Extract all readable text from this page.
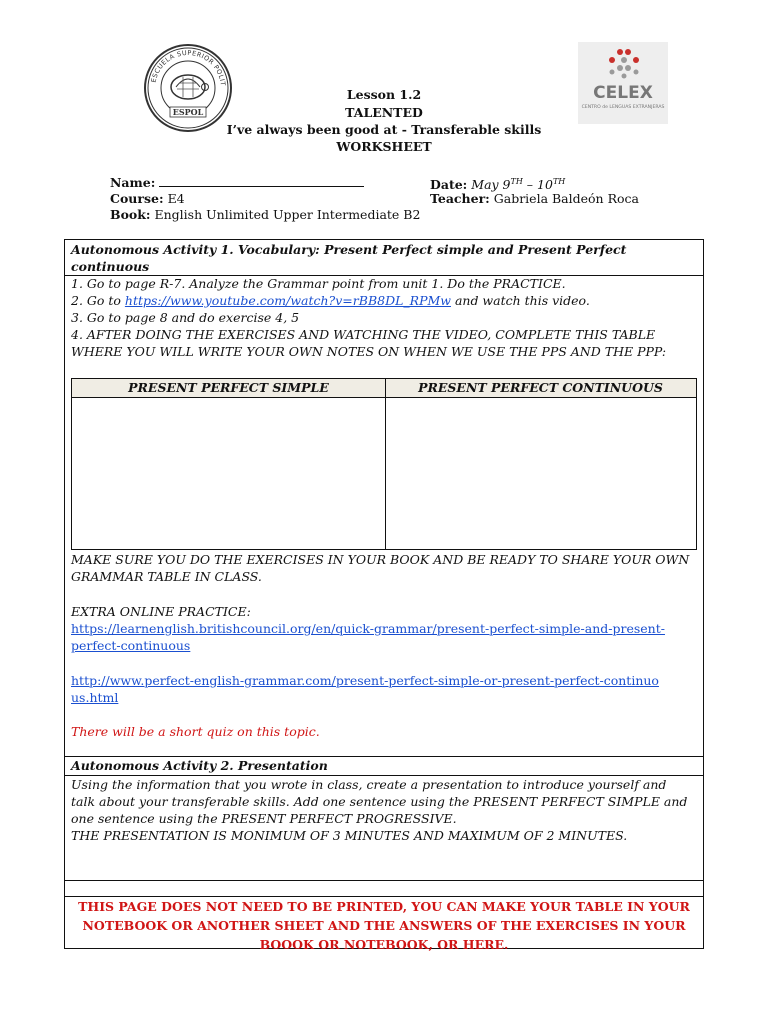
ESCUELA SUPERIOR POLIT
ESPOL
CELEX
CENTRO de LENGUAS EXTRANJERAS
Lesson 1.2
TALENTED
I’ve always been good at - Transferable skills
WORKSHEET
Name:	Date: May 9TH – 10TH
Course: E4	Teacher: Gabriela Baldeón Roca
Book: English Unlimited Upper Intermediate B2
Autonomous Activity 1. Vocabulary: Present Perfect simple and Present Perfect continuous
1. Go to page R-7. Analyze the Grammar point from unit 1. Do the PRACTICE.
2. Go to https://www.youtube.com/watch?v=rBB8DL_RPMw and watch this video.
3. Go to page 8 and do exercise 4, 5
4. AFTER DOING THE EXERCISES AND WATCHING THE VIDEO, COMPLETE THIS TABLE WHERE YOU WILL WRITE YOUR OWN NOTES ON WHEN WE USE THE PPS AND THE PPP:
MAKE SURE YOU DO THE EXERCISES IN YOUR BOOK AND BE READY TO SHARE YOUR OWN GRAMMAR TABLE IN CLASS.
EXTRA ONLINE PRACTICE:
https://learnenglish.britishcouncil.org/en/quick-grammar/present-perfect-simple-and-present-perfect-continuous
http://www.perfect-english-grammar.com/present-perfect-simple-or-present-perfect-continuous.html
There will be a short quiz on this topic.
Autonomous Activity 2. Presentation
Using the information that you wrote in class, create a presentation to introduce yourself and talk about your transferable skills. Add one sentence using the PRESENT PERFECT SIMPLE and one sentence using the PRESENT PERFECT PROGRESSIVE.
THE PRESENTATION IS MONIMUM OF 3 MINUTES AND MAXIMUM OF 2 MINUTES.
THIS PAGE DOES NOT NEED TO BE PRINTED, YOU CAN MAKE YOUR TABLE IN YOUR NOTEBOOK OR ANOTHER SHEET AND THE ANSWERS OF THE EXERCISES IN YOUR BOOOK OR NOTEBOOK, OR HERE.
PRESENT PERFECT SIMPLE	PRESENT PERFECT CONTINUOUS
